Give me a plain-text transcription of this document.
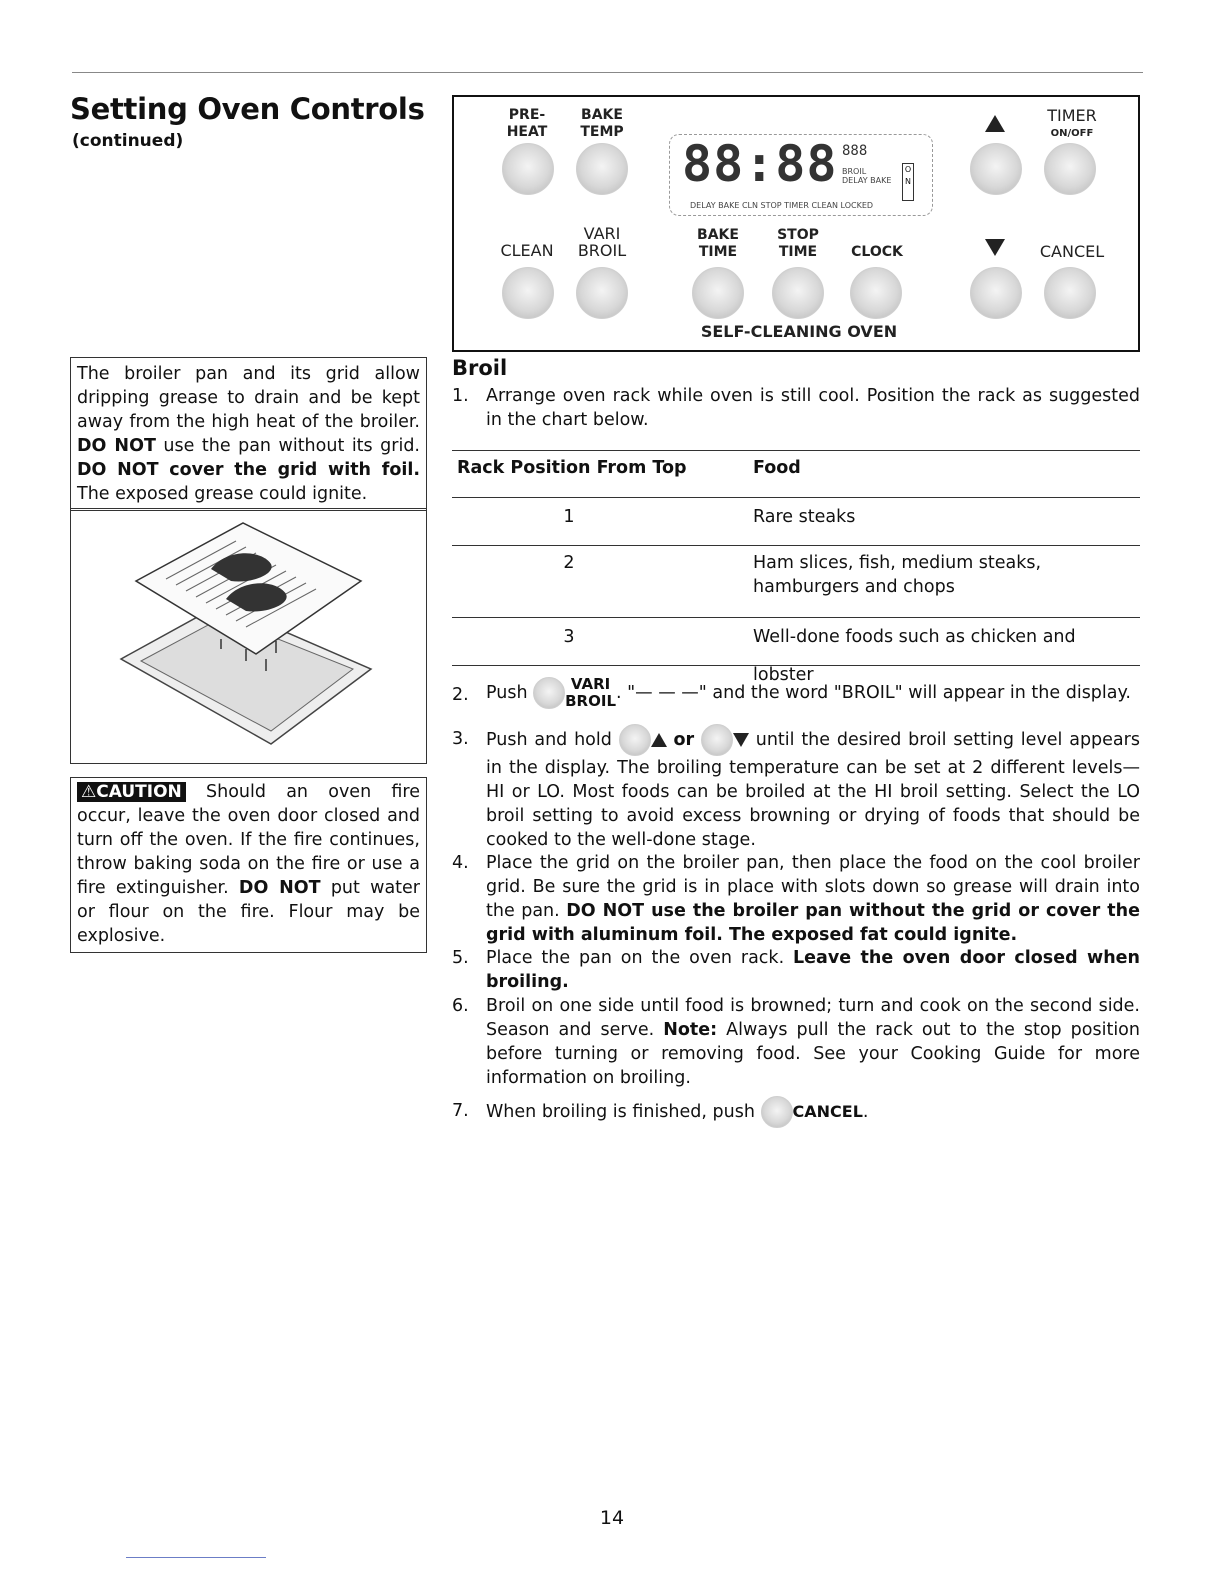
Setting Oven Controls
(continued)
PRE-
HEAT
BAKE
TEMP
88:88 888
BROIL
DELAY BAKE
O
N
DELAY BAKE CLN STOP TIMER CLEAN LOCKED
TIMER
ON/OFF
CLEAN
VARI
BROIL
BAKE
TIME
STOP
TIME	CLOCK	CANCEL
SELF-CLEANING OVEN
The broiler pan and its grid allow dripping grease to drain and be kept away from the high heat of the broiler. DO NOT use the pan without its grid. DO NOT cover the grid with foil. The exposed grease could ignite.
⚠CAUTION Should an oven fire occur, leave the oven door closed and turn off the oven. If the fire continues, throw baking soda on the fire or use a fire extinguisher. DO NOT put water or flour on the fire. Flour may be explosive.
Broil
1. Arrange oven rack while oven is still cool. Position the rack as suggested in the chart below.
Rack Position From Top	Food
1	Rare steaks
2	Ham slices, fish, medium steaks, hamburgers and chops
3	Well-done foods such as chicken and lobster
2. Push	VARI
BROIL. "— — —" and the word "BROIL" will appear in the display.
3. Push and hold	or	until the desired broil setting level appears in the display. The broiling temperature can be set at 2 different levels—HI or LO. Most foods can be broiled at the HI broil setting. Select the LO broil setting to avoid excess browning or drying of foods that should be cooked to the well-done stage.
4. Place the grid on the broiler pan, then place the food on the cool broiler grid. Be sure the grid is in place with slots down so grease will drain into the pan. DO NOT use the broiler pan without the grid or cover the grid with aluminum foil. The exposed fat could ignite.
5. Place the pan on the oven rack. Leave the oven door closed when broiling.
6. Broil on one side until food is browned; turn and cook on the second side. Season and serve. Note: Always pull the rack out to the stop position before turning or removing food. See your Cooking Guide for more information on broiling.
7. When broiling is finished, push CANCEL.
14
